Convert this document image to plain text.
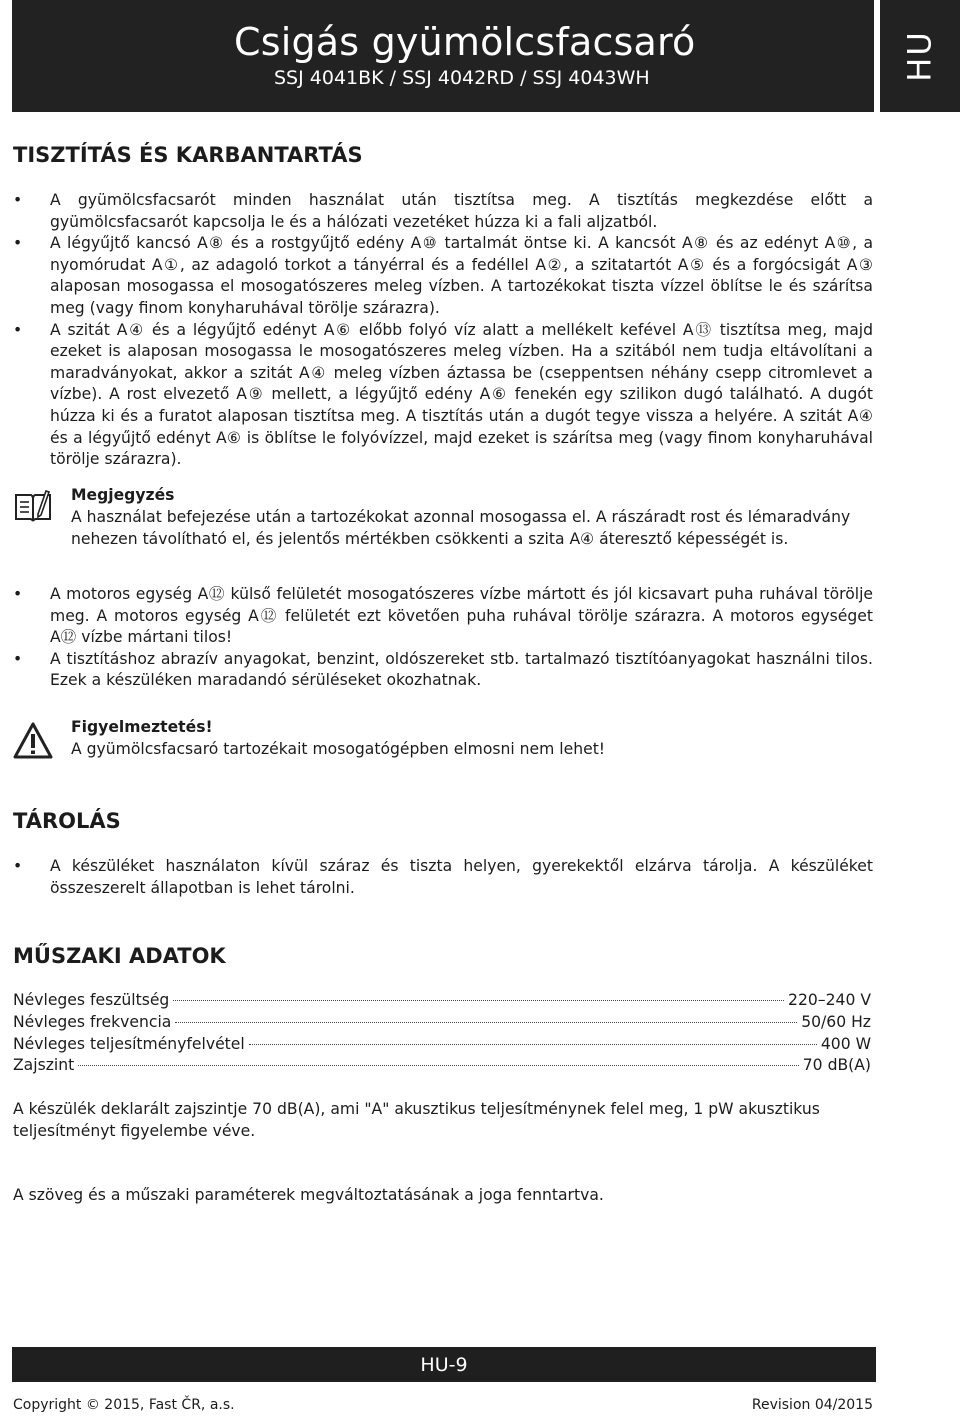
Csigás gyümölcsfacsaró
SSJ 4041BK / SSJ 4042RD / SSJ 4043WH	HU
TISZTÍTÁS ÉS KARBANTARTÁS
•	A gyümölcsfacsarót minden használat után tisztítsa meg. A tisztítás megkezdése előtt a gyümölcsfacsarót kapcsolja le és a hálózati vezetéket húzza ki a fali aljzatból.
•	A légyűjtő kancsó A⑧ és a rostgyűjtő edény A⑩ tartalmát öntse ki. A kancsót A⑧ és az edényt A⑩, a nyomórudat A①, az adagoló torkot a tányérral és a fedéllel A②, a szitatartót A⑤ és a forgócsigát A③ alaposan mosogassa el mosogatószeres meleg vízben. A tartozékokat tiszta vízzel öblítse le és szárítsa meg (vagy finom konyharuhával törölje szárazra).
•	A szitát A④ és a légyűjtő edényt A⑥ előbb folyó víz alatt a mellékelt kefével A⑬ tisztítsa meg, majd ezeket is alaposan mosogassa le mosogatószeres meleg vízben. Ha a szitából nem tudja eltávolítani a maradványokat, akkor a szitát A④ meleg vízben áztassa be (cseppentsen néhány csepp citromlevet a vízbe). A rost elvezető A⑨ mellett, a légyűjtő edény A⑥ fenekén egy szilikon dugó található. A dugót húzza ki és a furatot alaposan tisztítsa meg. A tisztítás után a dugót tegye vissza a helyére. A szitát A④ és a légyűjtő edényt A⑥ is öblítse le folyóvízzel, majd ezeket is szárítsa meg (vagy finom konyharuhával törölje szárazra).
Megjegyzés
A használat befejezése után a tartozékokat azonnal mosogassa el. A rászáradt rost és lémaradvány nehezen távolítható el, és jelentős mértékben csökkenti a szita A④ áteresztő képességét is.
•	A motoros egység A⑫ külső felületét mosogatószeres vízbe mártott és jól kicsavart puha ruhával törölje meg. A motoros egység A⑫ felületét ezt követően puha ruhával törölje szárazra. A motoros egységet A⑫ vízbe mártani tilos!
•	A tisztításhoz abrazív anyagokat, benzint, oldószereket stb. tartalmazó tisztítóanyagokat használni tilos. Ezek a készüléken maradandó sérüléseket okozhatnak.
Figyelmeztetés!
A gyümölcsfacsaró tartozékait mosogatógépben elmosni nem lehet!
TÁROLÁS
•	A készüléket használaton kívül száraz és tiszta helyen, gyerekektől elzárva tárolja. A készüléket összeszerelt állapotban is lehet tárolni.
MŰSZAKI ADATOK
Névleges feszültség	220–240 V
Névleges frekvencia	50/60 Hz
Névleges teljesítményfelvétel	400 W
Zajszint	70 dB(A)
A készülék deklarált zajszintje 70 dB(A), ami "A" akusztikus teljesítménynek felel meg, 1 pW akusztikus teljesítményt figyelembe véve.
A szöveg és a műszaki paraméterek megváltoztatásának a joga fenntartva.
HU-9
Copyright © 2015, Fast ČR, a.s.	Revision 04/2015
